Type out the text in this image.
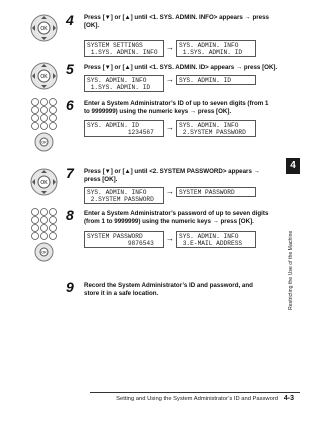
OK
4 Press [▼] or [▲] until <1. SYS. ADMIN. INFO> appears → press [OK].
SYSTEM SETTINGS
1.SYS. ADMIN. INFO
→ SYS. ADMIN. INFO
1.SYS. ADMIN. ID
OK 5 Press [▼] or [▲] until <1. SYS. ADMIN. ID> appears → press [OK].
SYS. ADMIN. INFO
1.SYS. ADMIN. ID
→ SYS. ADMIN. ID
OK
6 Enter a System Administrator’s ID of up to seven digits (from 1 to 9999999) using the numeric keys → press [OK].
SYS. ADMIN. ID
1234567
→ SYS. ADMIN. INFO
2.SYSTEM PASSWORD
OK
7 Press [▼] or [▲] until <2. SYSTEM PASSWORD> appears → press [OK].
SYS. ADMIN. INFO
2.SYSTEM PASSWORD
→ SYSTEM PASSWORD
OK
8 Enter a System Administrator’s password of up to seven digits (from 1 to 9999999) using the numeric keys → press [OK].
SYSTEM PASSWORD
9876543
→ SYS. ADMIN. INFO
3.E-MAIL ADDRESS
9 Record the System Administrator’s ID and password, and store it in a safe location.
4
Restricting the Use of the Machine
Setting and Using the System Administrator’s ID and Password 4-3
